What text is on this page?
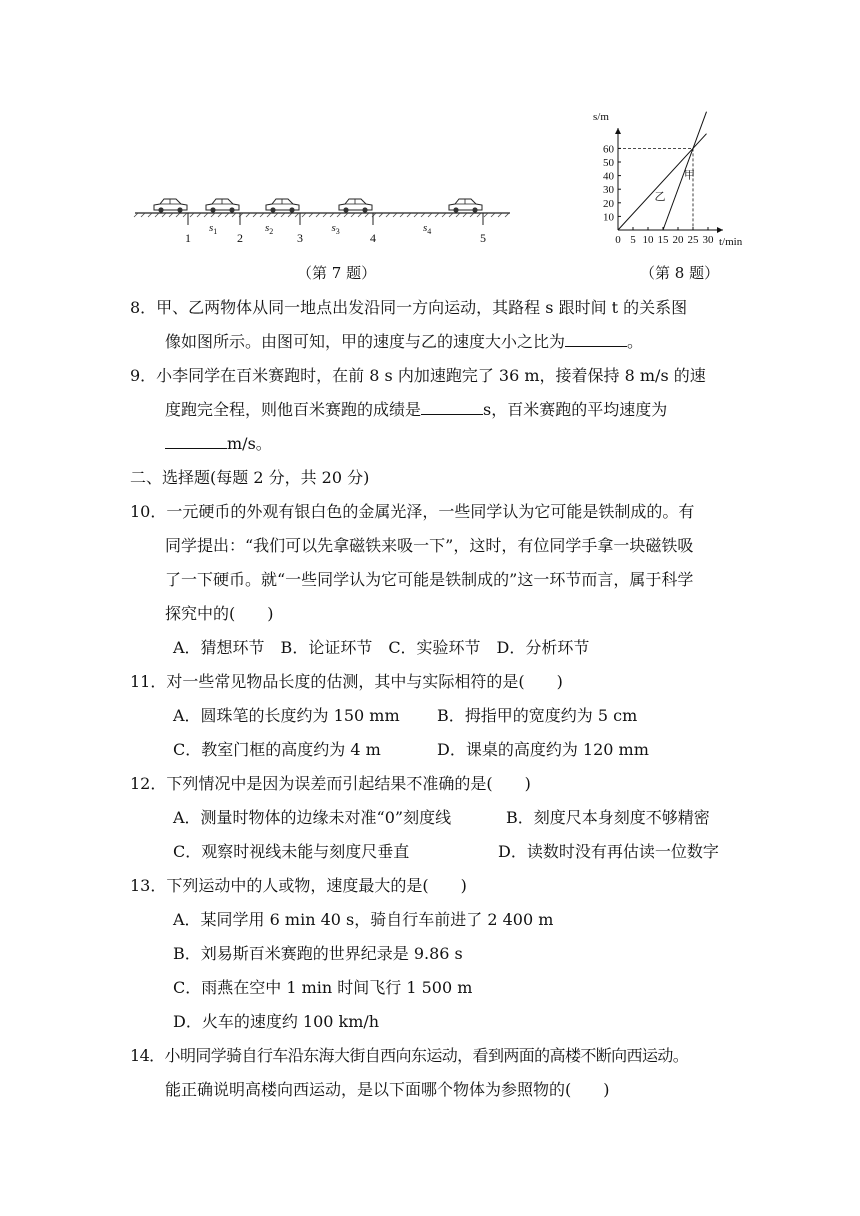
1	2	3	4	5
$s_1$	$s_2$	$s_3$	$s_4$
（第 7 题）
0 5 10 15 20 25 30
10
20
30
40
50
60
s/m
t/min
甲
乙
（第 8 题）
8．甲、乙两物体从同一地点出发沿同一方向运动，其路程 s 跟时间 t 的关系图
像如图所示。由图可知，甲的速度与乙的速度大小之比为	。
9．小李同学在百米赛跑时，在前 8 s 内加速跑完了 36 m，接着保持 8 m/s 的速
度跑完全程，则他百米赛跑的成绩是	s，百米赛跑的平均速度为
m/s。
二、选择题(每题 2 分，共 20 分)
10．一元硬币的外观有银白色的金属光泽，一些同学认为它可能是铁制成的。有
同学提出：“我们可以先拿磁铁来吸一下”，这时，有位同学手拿一块磁铁吸
了一下硬币。就“一些同学认为它可能是铁制成的”这一环节而言，属于科学
探究中的(　　)
A．猜想环节　B．论证环节　C．实验环节　D．分析环节
11．对一些常见物品长度的估测，其中与实际相符的是(　　)
A．圆珠笔的长度约为 150 mm B．拇指甲的宽度约为 5 cm
C．教室门框的高度约为 4 m	D．课桌的高度约为 120 mm
12．下列情况中是因为误差而引起结果不准确的是(　　)
A．测量时物体的边缘未对准“0”刻度线	B．刻度尺本身刻度不够精密
C．观察时视线未能与刻度尺垂直	D．读数时没有再估读一位数字
13．下列运动中的人或物，速度最大的是(　　)
A．某同学用 6 min 40 s，骑自行车前进了 2 400 m
B．刘易斯百米赛跑的世界纪录是 9.86 s
C．雨燕在空中 1 min 时间飞行 1 500 m
D．火车的速度约 100 km/h
14．小明同学骑自行车沿东海大街自西向东运动，看到两面的高楼不断向西运动。
能正确说明高楼向西运动，是以下面哪个物体为参照物的(　　)
